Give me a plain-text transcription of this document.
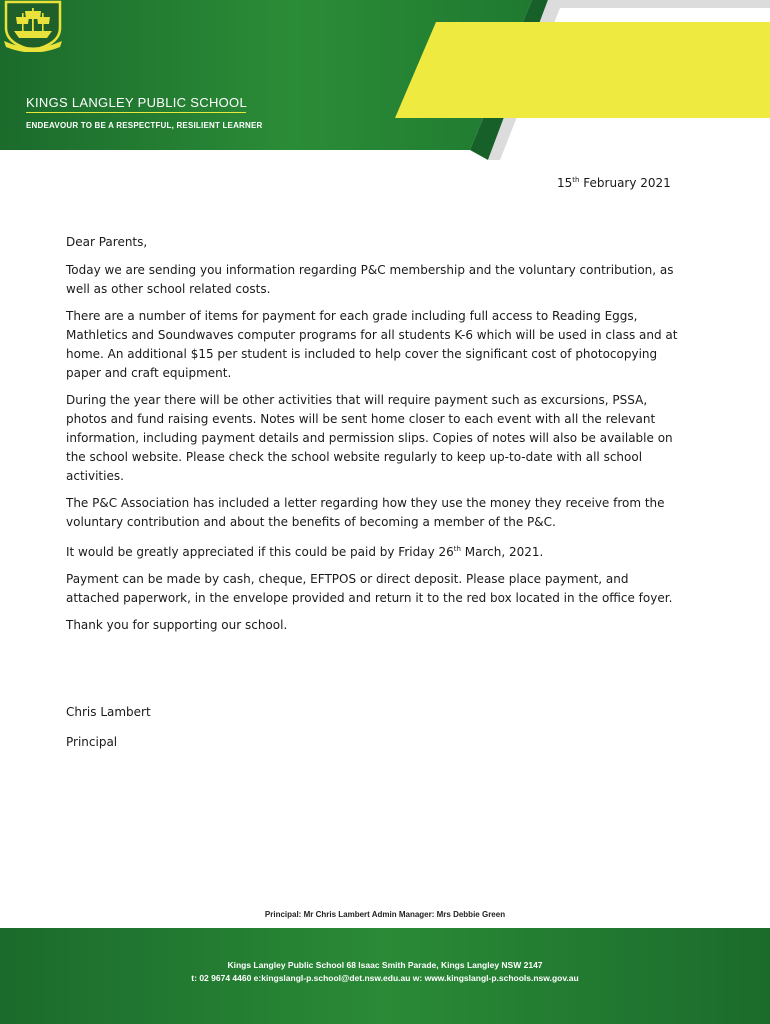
KINGS LANGLEY PUBLIC SCHOOL
ENDEAVOUR TO BE A RESPECTFUL, RESILIENT LEARNER
15th February 2021

Dear Parents,

Today we are sending you information regarding P&C membership and the voluntary contribution, as well as other school related costs.

There are a number of items for payment for each grade including full access to Reading Eggs, Mathletics and Soundwaves computer programs for all students K-6 which will be used in class and at home. An additional $15 per student is included to help cover the significant cost of photocopying paper and craft equipment.

During the year there will be other activities that will require payment such as excursions, PSSA, photos and fund raising events. Notes will be sent home closer to each event with all the relevant information, including payment details and permission slips. Copies of notes will also be available on the school website. Please check the school website regularly to keep up-to-date with all school activities.

The P&C Association has included a letter regarding how they use the money they receive from the voluntary contribution and about the benefits of becoming a member of the P&C.

It would be greatly appreciated if this could be paid by Friday 26th March, 2021.

Payment can be made by cash, cheque, EFTPOS or direct deposit. Please place payment, and attached paperwork, in the envelope provided and return it to the red box located in the office foyer.

Thank you for supporting our school.

Chris Lambert
Principal
Principal: Mr Chris Lambert Admin Manager: Mrs Debbie Green
Kings Langley Public School 68 Isaac Smith Parade, Kings Langley NSW 2147
t: 02 9674 4460 e:kingslangl-p.school@det.nsw.edu.au w: www.kingslangl-p.schools.nsw.gov.au
